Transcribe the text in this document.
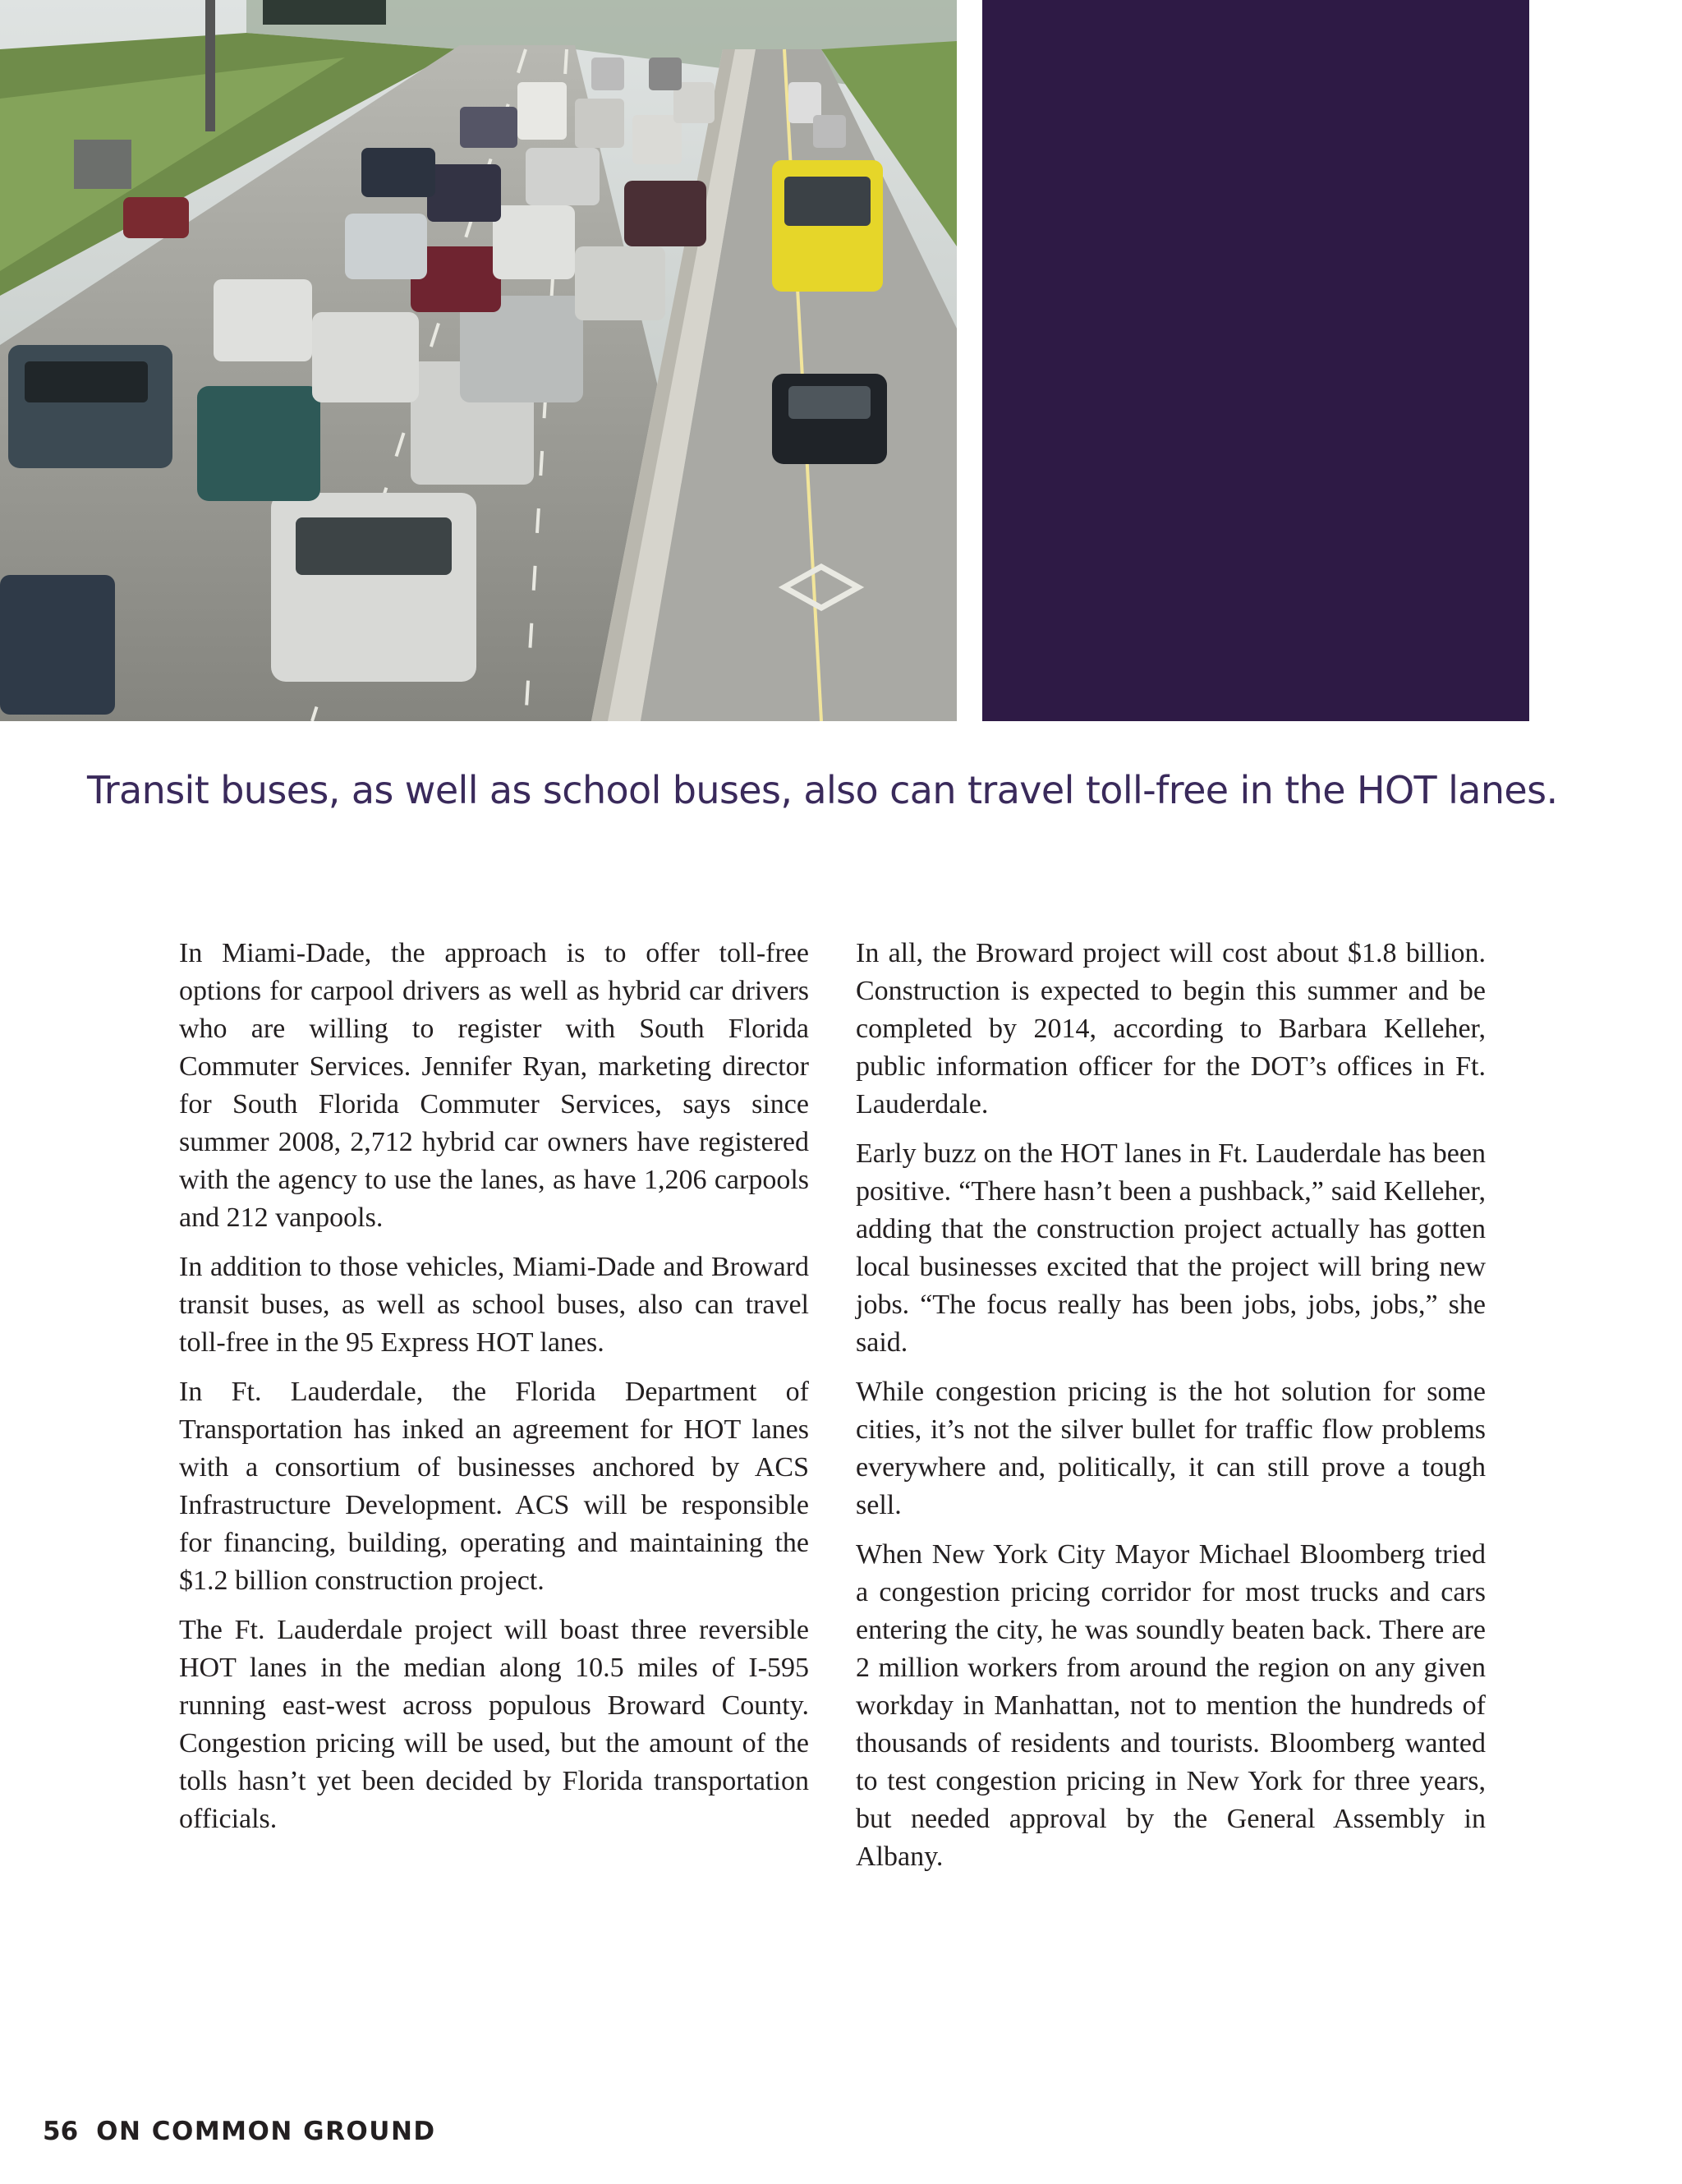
Transit buses, as well as school buses, also can travel toll-free in the HOT lanes.

In Miami-Dade, the approach is to offer toll-free options for carpool drivers as well as hybrid car drivers who are willing to register with South Florida Commuter Services. Jennifer Ryan, marketing director for South Florida Commuter Services, says since summer 2008, 2,712 hybrid car owners have registered with the agency to use the lanes, as have 1,206 carpools and 212 vanpools.

In addition to those vehicles, Miami-Dade and Broward transit buses, as well as school buses, also can travel toll-free in the 95 Express HOT lanes.

In Ft. Lauderdale, the Florida Department of Transportation has inked an agreement for HOT lanes with a consortium of businesses anchored by ACS Infrastructure Development. ACS will be responsible for financing, building, operating and maintaining the $1.2 billion construction project.

The Ft. Lauderdale project will boast three reversible HOT lanes in the median along 10.5 miles of I-595 running east-west across populous Broward County. Congestion pricing will be used, but the amount of the tolls hasn’t yet been decided by Florida transportation officials.

In all, the Broward project will cost about $1.8 billion. Construction is expected to begin this summer and be completed by 2014, according to Barbara Kelleher, public information officer for the DOT’s offices in Ft. Lauderdale.

Early buzz on the HOT lanes in Ft. Lauderdale has been positive. “There hasn’t been a pushback,” said Kelleher, adding that the construction project actually has gotten local businesses excited that the project will bring new jobs. “The focus really has been jobs, jobs, jobs,” she said.

While congestion pricing is the hot solution for some cities, it’s not the silver bullet for traffic flow problems everywhere and, politically, it can still prove a tough sell.

When New York City Mayor Michael Bloomberg tried a congestion pricing corridor for most trucks and cars entering the city, he was soundly beaten back. There are 2 million workers from around the region on any given workday in Manhattan, not to mention the hundreds of thousands of residents and tourists. Bloomberg wanted to test congestion pricing in New York for three years, but needed approval by the General Assembly in Albany.

56 ON COMMON GROUND
